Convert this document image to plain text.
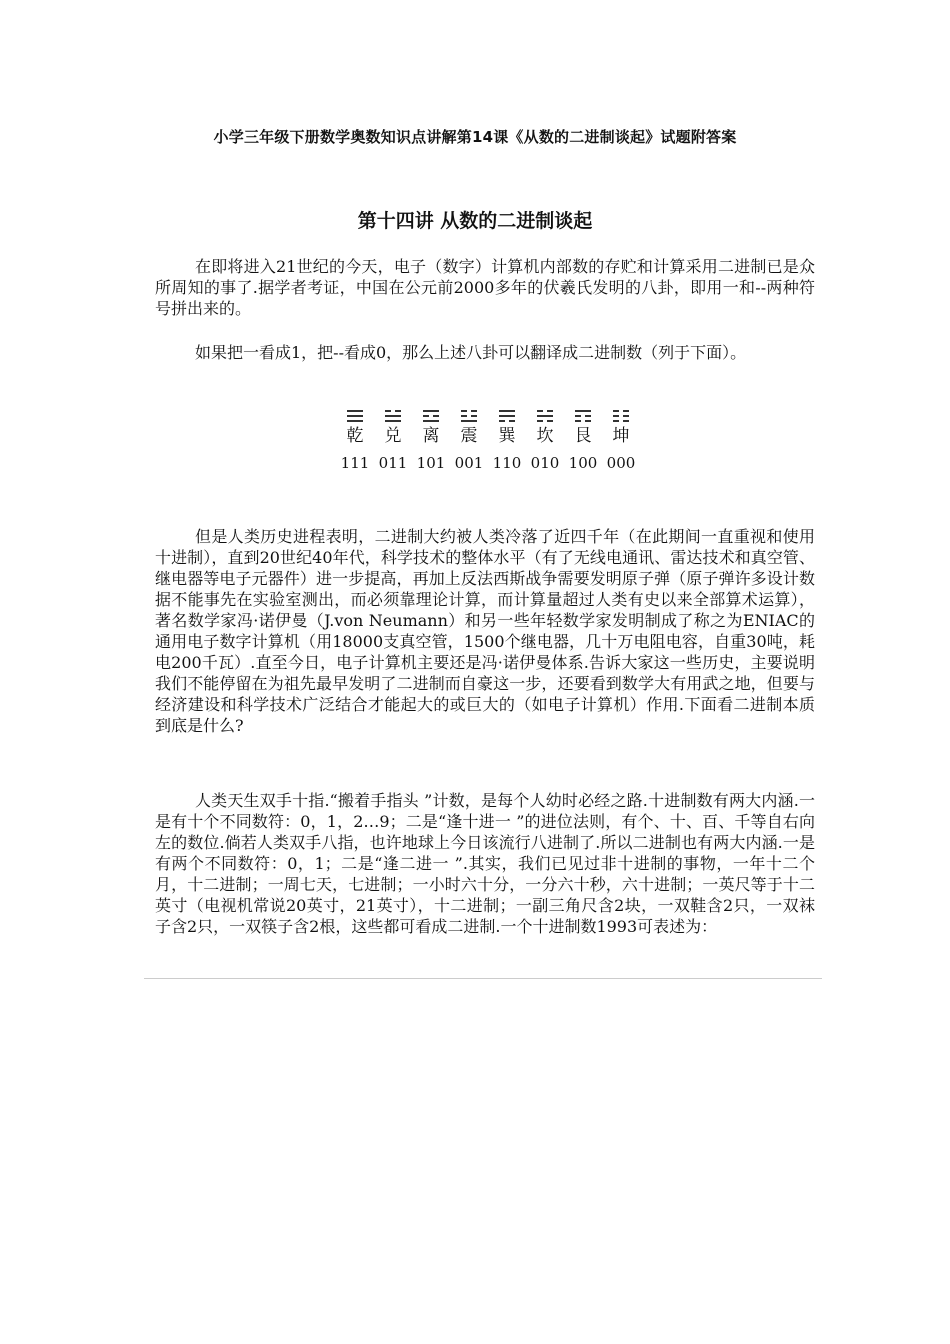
小学三年级下册数学奥数知识点讲解第14课《从数的二进制谈起》试题附答案
第十四讲 从数的二进制谈起

在即将进入21世纪的今天，电子（数字）计算机内部数的存贮和计算采用二进制已是众所周知的事了.据学者考证，中国在公元前2000多年的伏羲氏发明的八卦，即用一和--两种符号拼出来的。

如果把一看成1，把--看成0，那么上述八卦可以翻译成二进制数（列于下面）。

乾 兑 离 震 巽 坎 艮 坤
111 011 101 001 110 010 100 000

但是人类历史进程表明，二进制大约被人类冷落了近四千年（在此期间一直重视和使用十进制），直到20世纪40年代，科学技术的整体水平（有了无线电通讯、雷达技术和真空管、继电器等电子元器件）进一步提高，再加上反法西斯战争需要发明原子弹（原子弹许多设计数据不能事先在实验室测出，而必须靠理论计算，而计算量超过人类有史以来全部算术运算），著名数学家冯·诺伊曼（J.von Neumann）和另一些年轻数学家发明制成了称之为ENIAC的通用电子数字计算机（用18000支真空管，1500个继电器，几十万电阻电容，自重30吨，耗电200千瓦）.直至今日，电子计算机主要还是冯·诺伊曼体系.告诉大家这一些历史，主要说明我们不能停留在为祖先最早发明了二进制而自豪这一步，还要看到数学大有用武之地，但要与经济建设和科学技术广泛结合才能起大的或巨大的（如电子计算机）作用.下面看二进制本质到底是什么?

人类天生双手十指.“搬着手指头 ”计数，是每个人幼时必经之路.十进制数有两大内涵.一是有十个不同数符：0，1，2…9；二是“逢十进一 ”的进位法则，有个、十、百、千等自右向左的数位.倘若人类双手八指，也许地球上今日该流行八进制了.所以二进制也有两大内涵.一是有两个不同数符：0，1；二是“逢二进一 ”.其实，我们已见过非十进制的事物，一年十二个月，十二进制；一周七天，七进制；一小时六十分，一分六十秒，六十进制；一英尺等于十二英寸（电视机常说20英寸，21英寸），十二进制；一副三角尺含2块，一双鞋含2只，一双袜子含2只，一双筷子含2根，这些都可看成二进制.一个十进制数1993可表述为：
